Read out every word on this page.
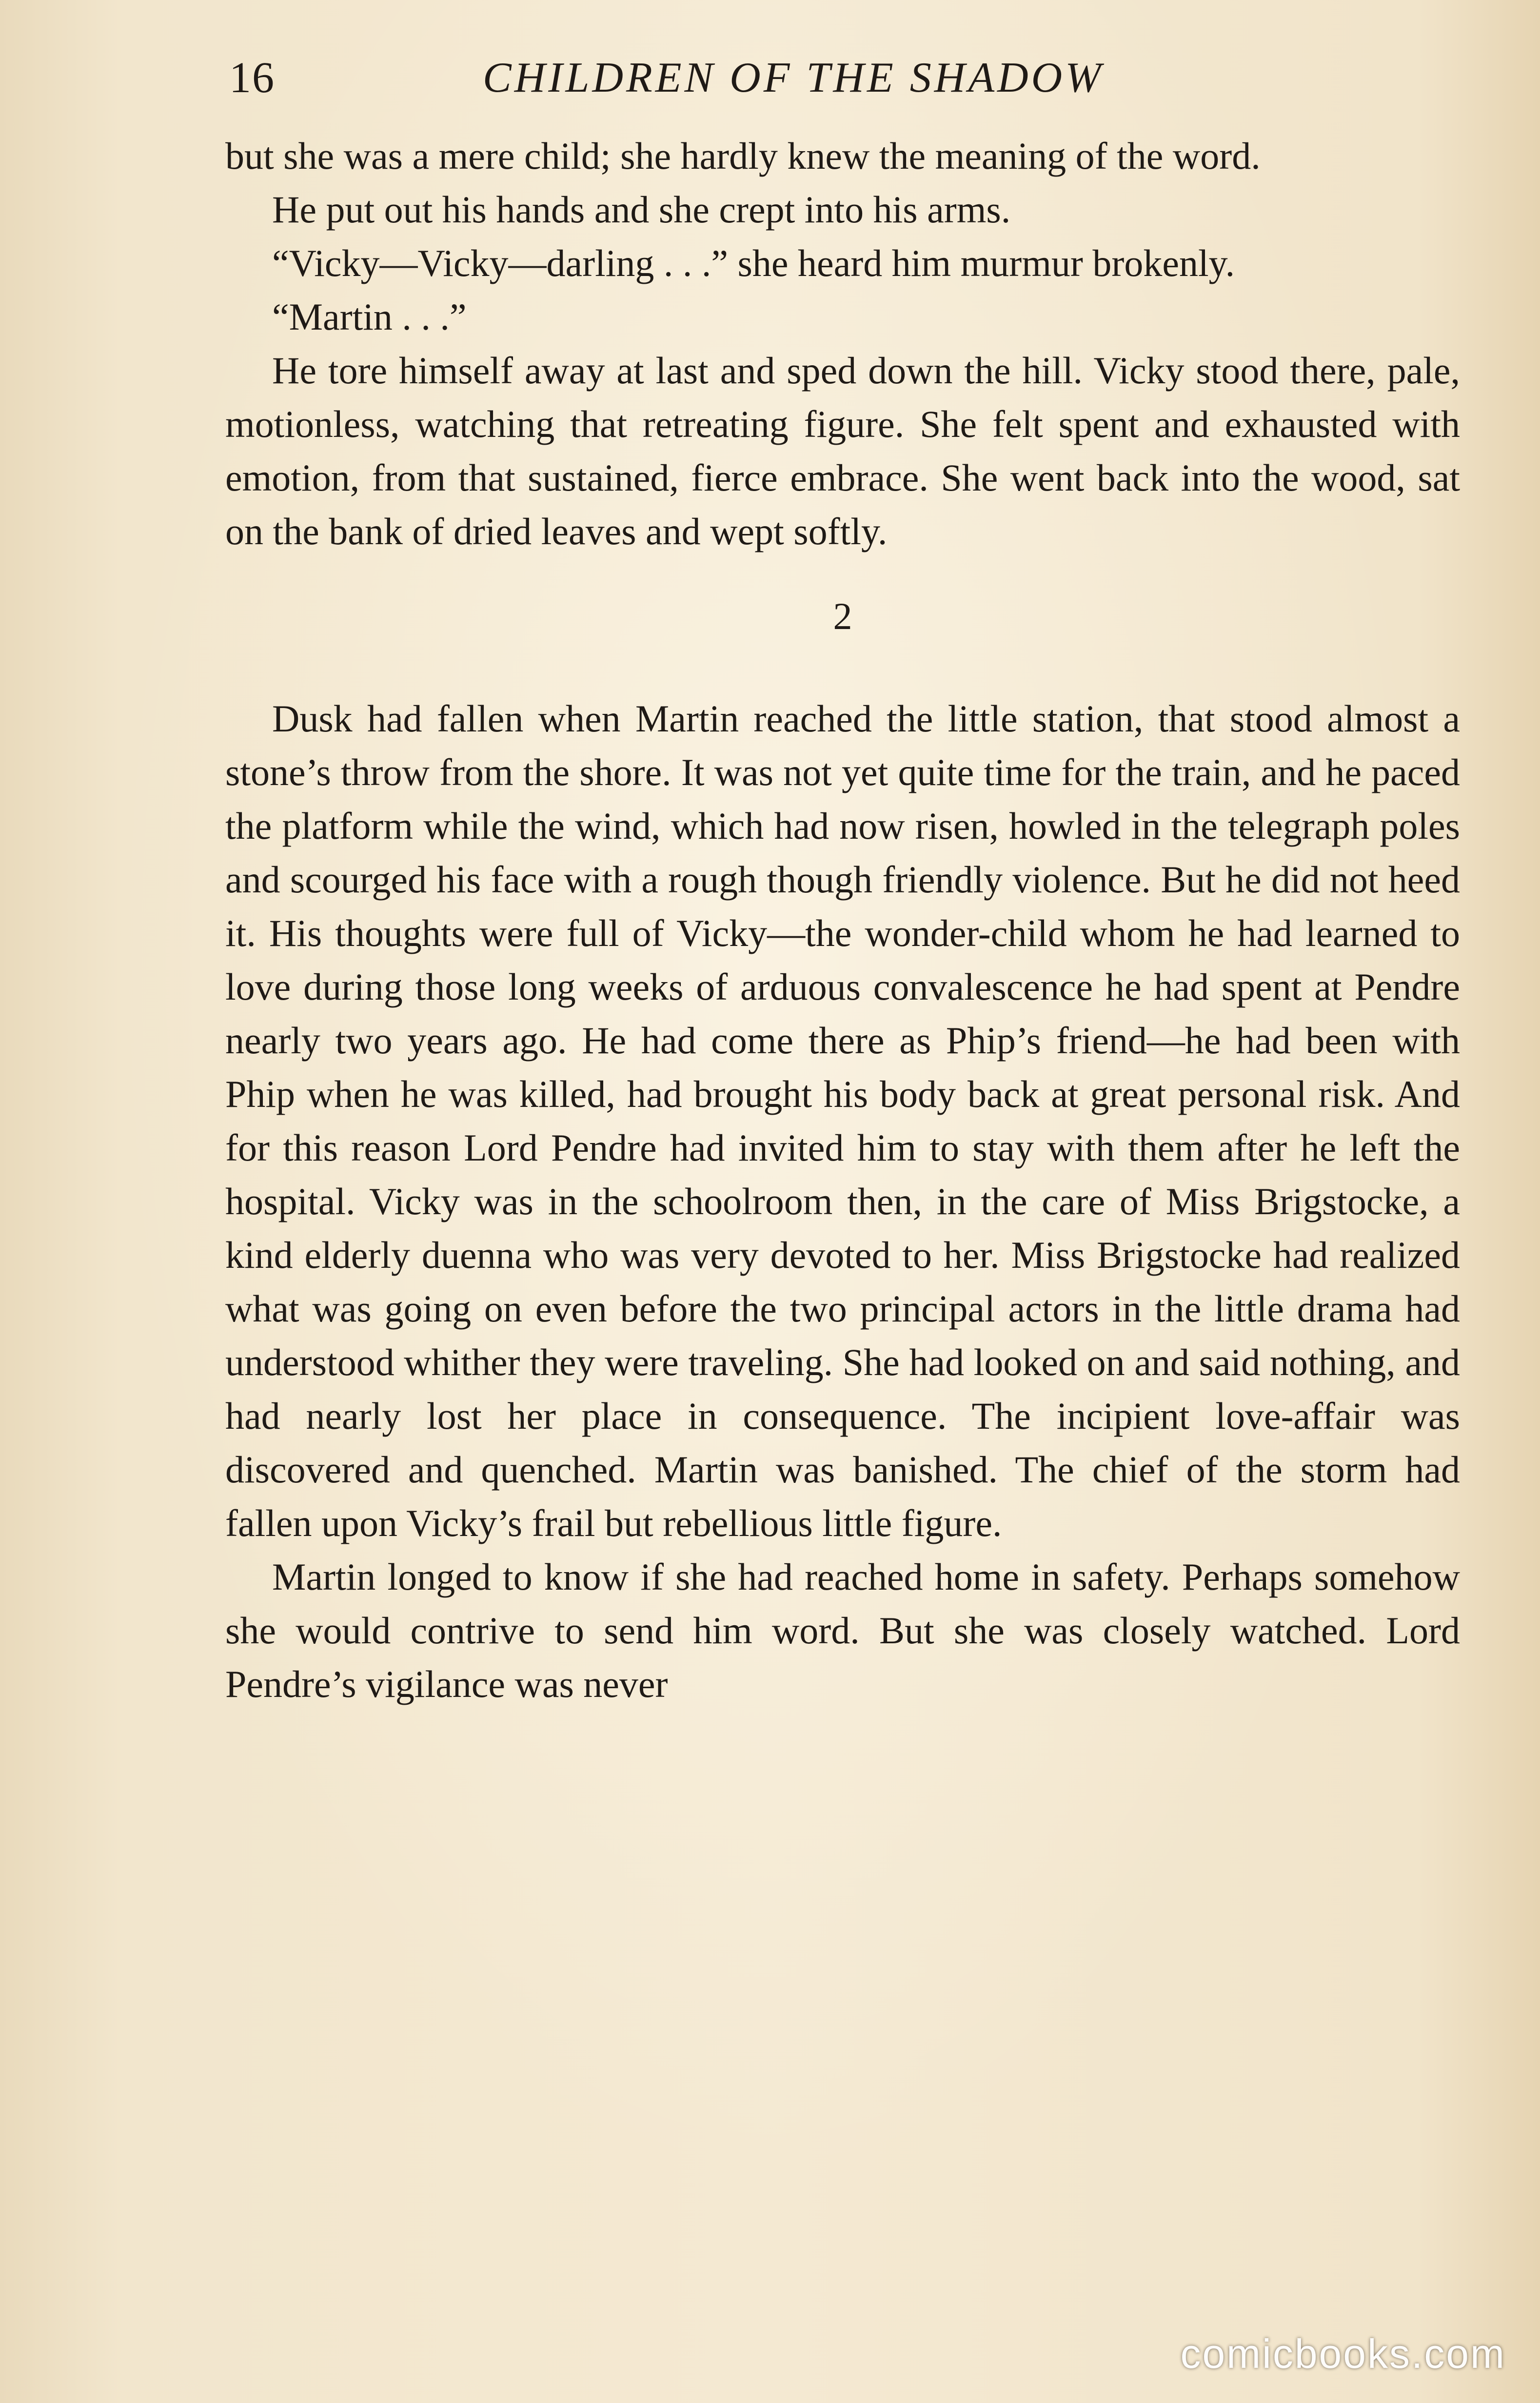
16	CHILDREN OF THE SHADOW

but she was a mere child; she hardly knew the meaning of the word.

He put out his hands and she crept into his arms.

“Vicky—Vicky—darling . . .” she heard him murmur brokenly.

“Martin . . .”

He tore himself away at last and sped down the hill. Vicky stood there, pale, motionless, watching that retreating figure. She felt spent and exhausted with emotion, from that sustained, fierce embrace. She went back into the wood, sat on the bank of dried leaves and wept softly.

2

Dusk had fallen when Martin reached the little station, that stood almost a stone’s throw from the shore. It was not yet quite time for the train, and he paced the platform while the wind, which had now risen, howled in the telegraph poles and scourged his face with a rough though friendly violence. But he did not heed it. His thoughts were full of Vicky—the wonder-child whom he had learned to love during those long weeks of arduous convalescence he had spent at Pendre nearly two years ago. He had come there as Phip’s friend—he had been with Phip when he was killed, had brought his body back at great personal risk. And for this reason Lord Pendre had invited him to stay with them after he left the hospital. Vicky was in the schoolroom then, in the care of Miss Brigstocke, a kind elderly duenna who was very devoted to her. Miss Brigstocke had realized what was going on even before the two principal actors in the little drama had understood whither they were traveling. She had looked on and said nothing, and had nearly lost her place in consequence. The incipient love-affair was discovered and quenched. Martin was banished. The chief of the storm had fallen upon Vicky’s frail but rebellious little figure.

Martin longed to know if she had reached home in safety. Perhaps somehow she would contrive to send him word. But she was closely watched. Lord Pendre’s vigilance was never

comicbooks.com
